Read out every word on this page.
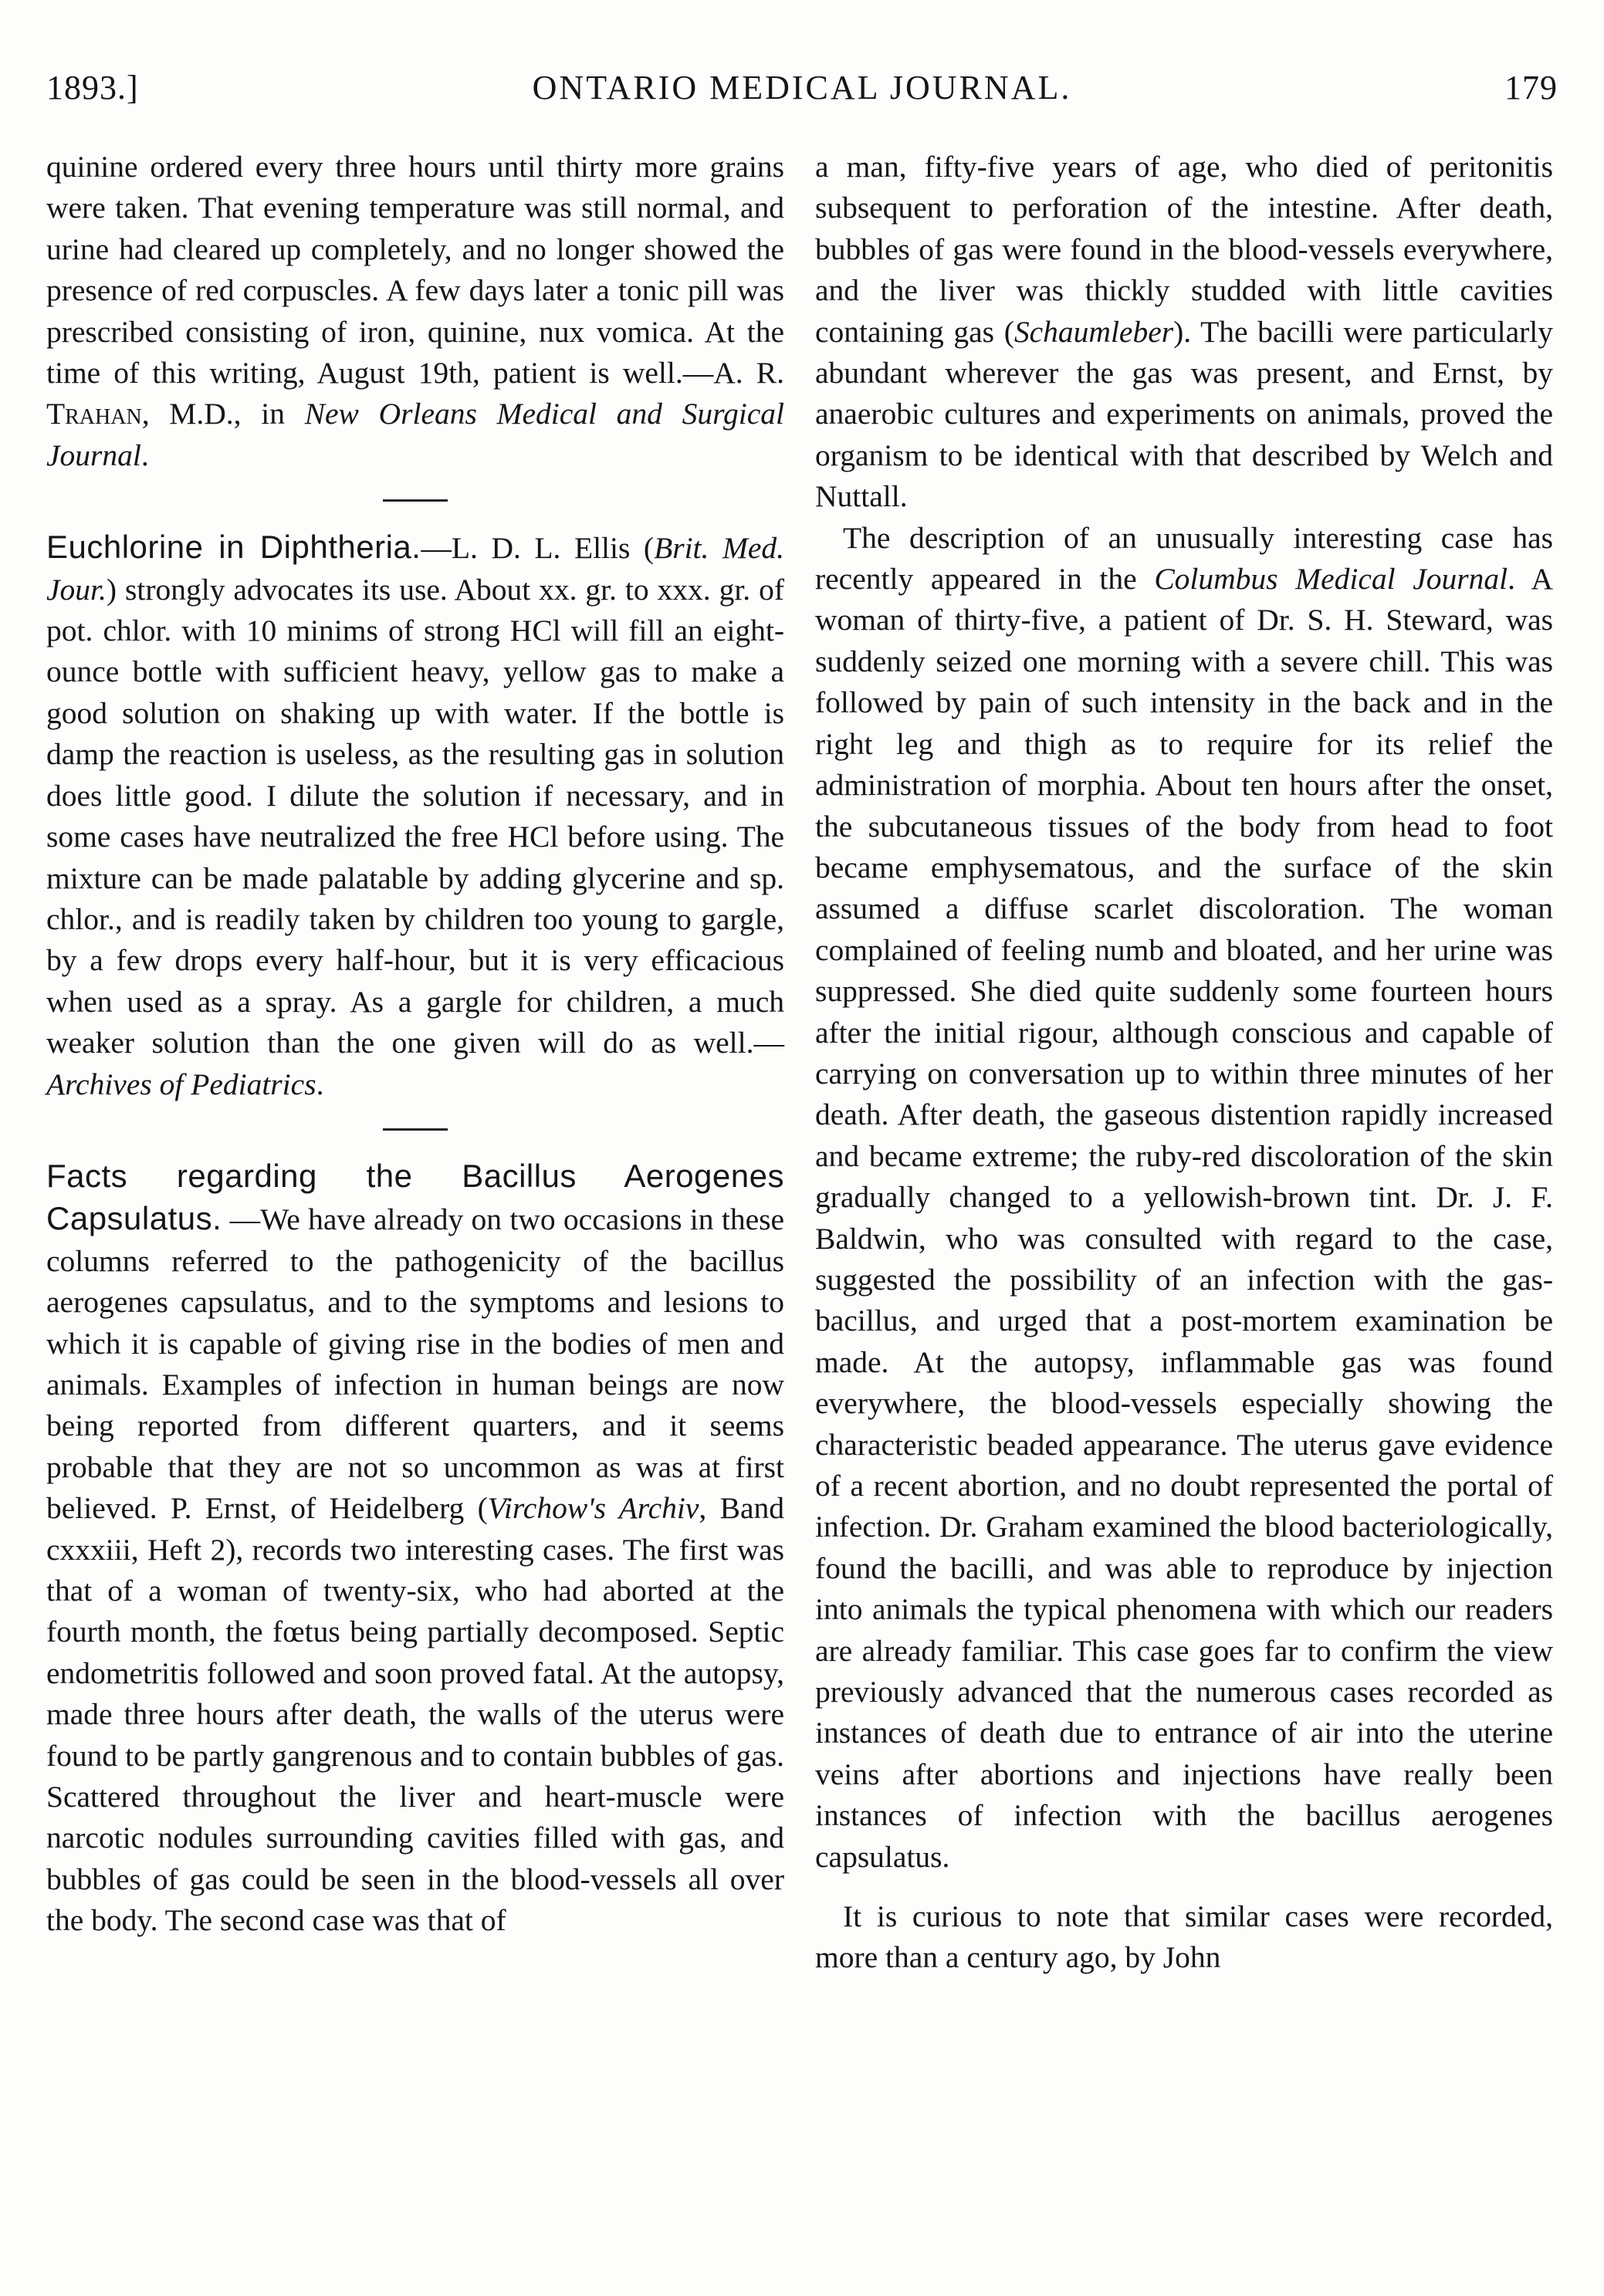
1893.]	ONTARIO MEDICAL JOURNAL.	179

quinine ordered every three hours until thirty more grains were taken. That evening temperature was still normal, and urine had cleared up completely, and no longer showed the presence of red corpuscles. A few days later a tonic pill was prescribed consisting of iron, quinine, nux vomica. At the time of this writing, August 19th, patient is well.—A. R. Trahan, M.D., in New Orleans Medical and Surgical Journal.

Euchlorine in Diphtheria.—L. D. L. Ellis (Brit. Med. Jour.) strongly advocates its use. About xx. gr. to xxx. gr. of pot. chlor. with 10 minims of strong HCl will fill an eight-ounce bottle with sufficient heavy, yellow gas to make a good solution on shaking up with water. If the bottle is damp the reaction is useless, as the resulting gas in solution does little good. I dilute the solution if necessary, and in some cases have neutralized the free HCl before using. The mixture can be made palatable by adding glycerine and sp. chlor., and is readily taken by children too young to gargle, by a few drops every half-hour, but it is very efficacious when used as a spray. As a gargle for children, a much weaker solution than the one given will do as well.—Archives of Pediatrics.

Facts regarding the Bacillus Aerogenes Capsulatus. —We have already on two occasions in these columns referred to the pathogenicity of the bacillus aerogenes capsulatus, and to the symptoms and lesions to which it is capable of giving rise in the bodies of men and animals. Examples of infection in human beings are now being reported from different quarters, and it seems probable that they are not so uncommon as was at first believed. P. Ernst, of Heidelberg (Virchow's Archiv, Band cxxxiii, Heft 2), records two interesting cases. The first was that of a woman of twenty-six, who had aborted at the fourth month, the fœtus being partially decomposed. Septic endometritis followed and soon proved fatal. At the autopsy, made three hours after death, the walls of the uterus were found to be partly gangrenous and to contain bubbles of gas. Scattered throughout the liver and heart-muscle were narcotic nodules surrounding cavities filled with gas, and bubbles of gas could be seen in the blood-vessels all over the body. The second case was that of

a man, fifty-five years of age, who died of peritonitis subsequent to perforation of the intestine. After death, bubbles of gas were found in the blood-vessels everywhere, and the liver was thickly studded with little cavities containing gas (Schaumleber). The bacilli were particularly abundant wherever the gas was present, and Ernst, by anaerobic cultures and experiments on animals, proved the organism to be identical with that described by Welch and Nuttall.

The description of an unusually interesting case has recently appeared in the Columbus Medical Journal. A woman of thirty-five, a patient of Dr. S. H. Steward, was suddenly seized one morning with a severe chill. This was followed by pain of such intensity in the back and in the right leg and thigh as to require for its relief the administration of morphia. About ten hours after the onset, the subcutaneous tissues of the body from head to foot became emphysematous, and the surface of the skin assumed a diffuse scarlet discoloration. The woman complained of feeling numb and bloated, and her urine was suppressed. She died quite suddenly some fourteen hours after the initial rigour, although conscious and capable of carrying on conversation up to within three minutes of her death. After death, the gaseous distention rapidly increased and became extreme; the ruby-red discoloration of the skin gradually changed to a yellowish-brown tint. Dr. J. F. Baldwin, who was consulted with regard to the case, suggested the possibility of an infection with the gas-bacillus, and urged that a post-mortem examination be made. At the autopsy, inflammable gas was found everywhere, the blood-vessels especially showing the characteristic beaded appearance. The uterus gave evidence of a recent abortion, and no doubt represented the portal of infection. Dr. Graham examined the blood bacteriologically, found the bacilli, and was able to reproduce by injection into animals the typical phenomena with which our readers are already familiar. This case goes far to confirm the view previously advanced that the numerous cases recorded as instances of death due to entrance of air into the uterine veins after abortions and injections have really been instances of infection with the bacillus aerogenes capsulatus.

It is curious to note that similar cases were recorded, more than a century ago, by John
